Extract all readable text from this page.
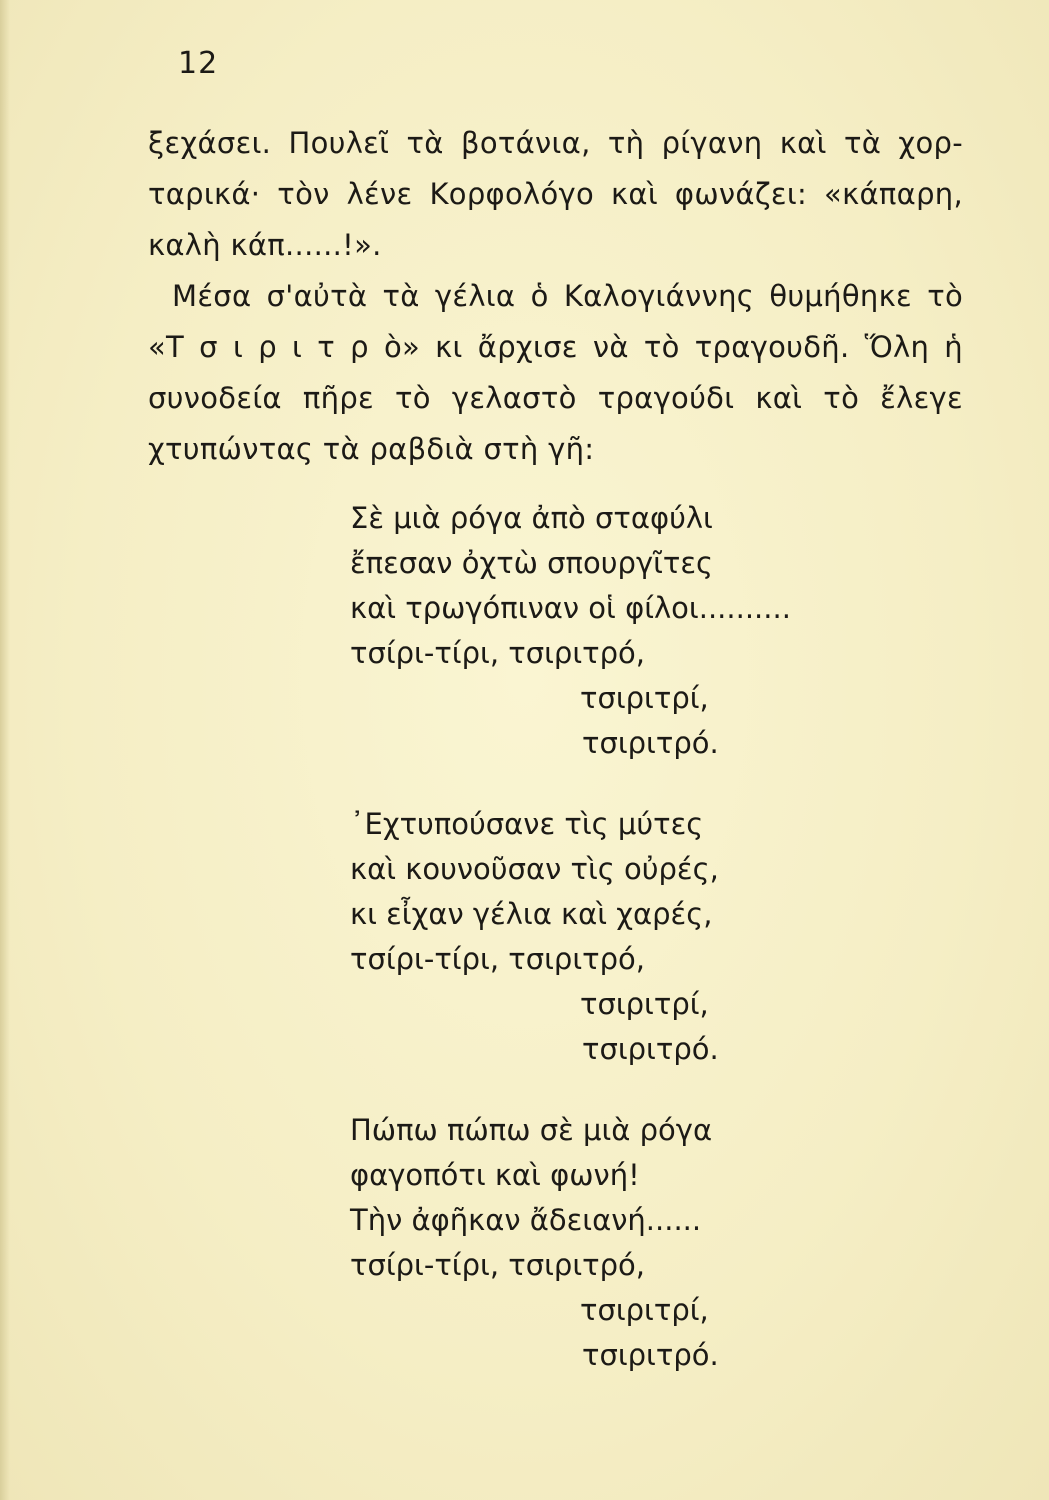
12
ξεχάσει. Πουλεῖ τὰ βοτάνια, τὴ ρίγανη καὶ τὰ χορ-
ταρικά· τὸν λένε Κορφολόγο καὶ φωνάζει: «κάπαρη,
καλὴ κάπ......!».
Μέσα σ'αὐτὰ τὰ γέλια ὁ Καλογιάννης θυμήθηκε τὸ
«Τ σ ι ρ ι τ ρ ὸ» κι ἄρχισε νὰ τὸ τραγουδῆ. Ὅλη ἡ
συνοδεία πῆρε τὸ γελαστὸ τραγούδι καὶ τὸ ἔλεγε
χτυπώντας τὰ ραβδιὰ στὴ γῆ:
Σὲ μιὰ ρόγα ἀπὸ σταφύλι
ἔπεσαν ὀχτὼ σπουργῖτες
καὶ τρωγόπιναν οἱ φίλοι..........
τσίρι-τίρι, τσιριτρό,
τσιριτρί,
τσιριτρό.
᾿Εχτυπούσανε τὶς μύτες
καὶ κουνοῦσαν τὶς οὐρές,
κι εἶχαν γέλια καὶ χαρές,
τσίρι-τίρι, τσιριτρό,
τσιριτρί,
τσιριτρό.
Πώπω πώπω σὲ μιὰ ρόγα
φαγοπότι καὶ φωνή!
Τὴν ἀφῆκαν ἄδειανή......
τσίρι-τίρι, τσιριτρό,
τσιριτρί,
τσιριτρό.
